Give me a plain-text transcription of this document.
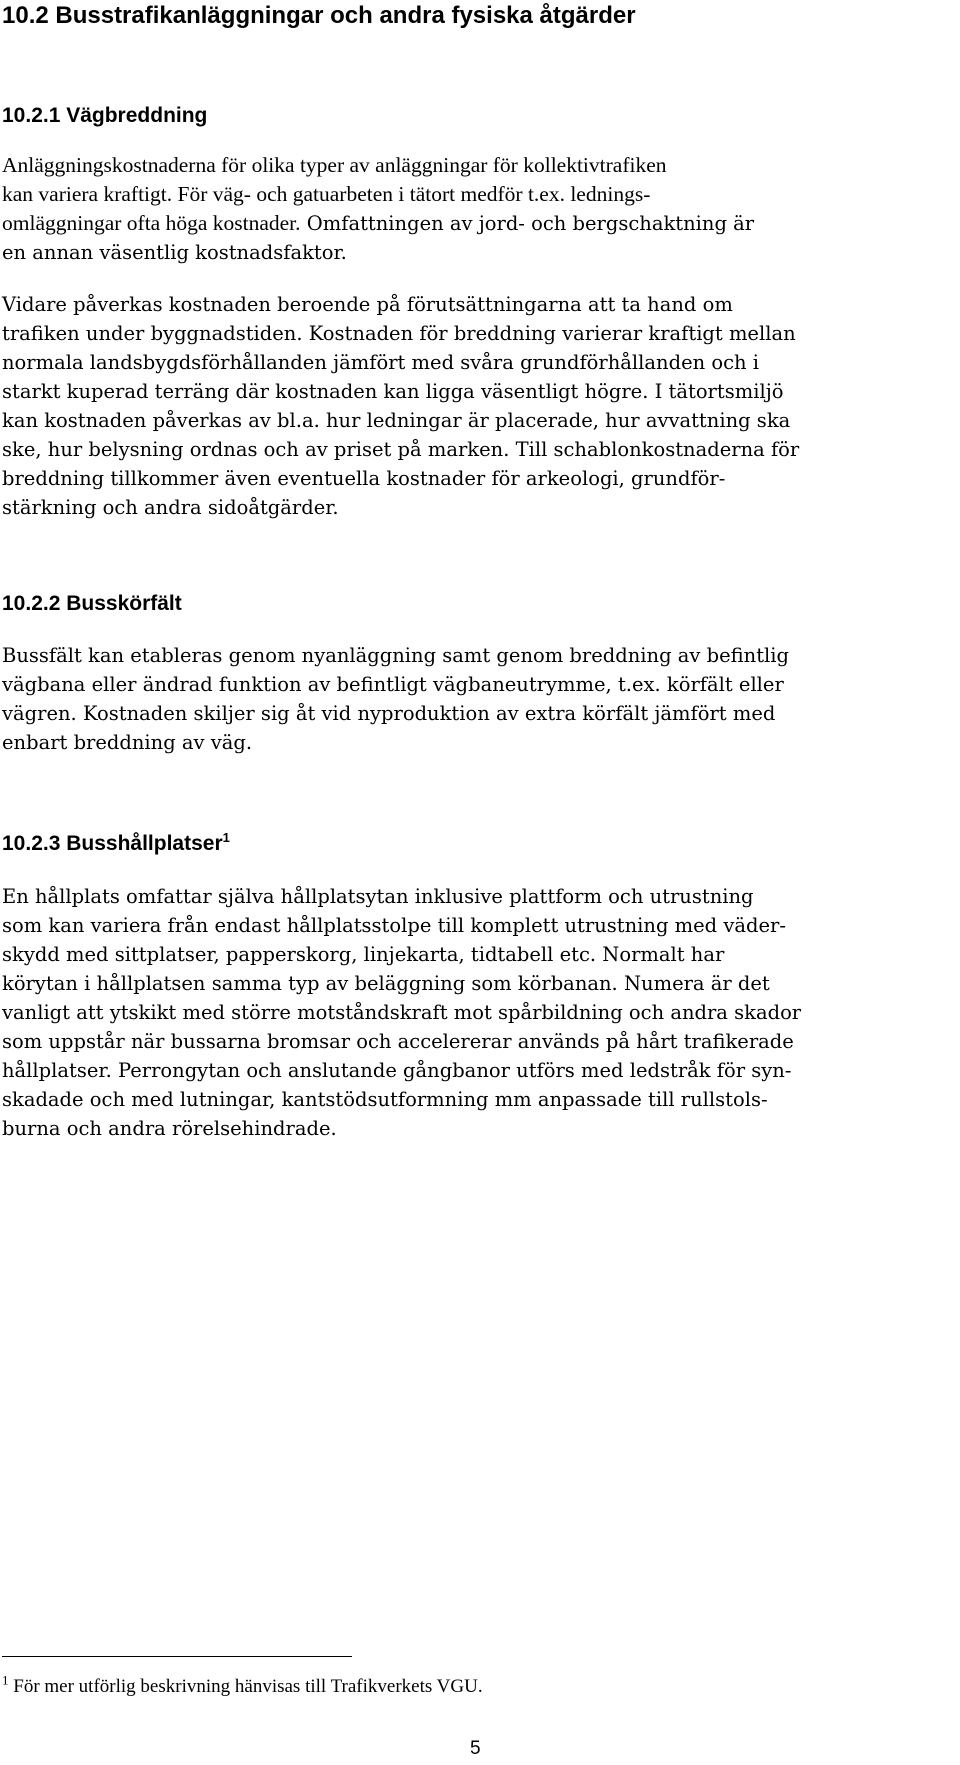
10.2 Busstrafikanläggningar och andra fysiska åtgärder
10.2.1 Vägbreddning
Anläggningskostnaderna för olika typer av anläggningar för kollektivtrafiken
kan variera kraftigt. För väg- och gatuarbeten i tätort medför t.ex. lednings-
omläggningar ofta höga kostnader. Omfattningen av jord- och bergschaktning är
en annan väsentlig kostnadsfaktor.
Vidare påverkas kostnaden beroende på förutsättningarna att ta hand om
trafiken under byggnadstiden. Kostnaden för breddning varierar kraftigt mellan
normala landsbygdsförhållanden jämfört med svåra grundförhållanden och i
starkt kuperad terräng där kostnaden kan ligga väsentligt högre. I tätortsmiljö
kan kostnaden påverkas av bl.a. hur ledningar är placerade, hur avvattning ska
ske, hur belysning ordnas och av priset på marken. Till schablonkostnaderna för
breddning tillkommer även eventuella kostnader för arkeologi, grundför-
stärkning och andra sidoåtgärder.
10.2.2 Busskörfält
Bussfält kan etableras genom nyanläggning samt genom breddning av befintlig
vägbana eller ändrad funktion av befintligt vägbaneutrymme, t.ex. körfält eller
vägren. Kostnaden skiljer sig åt vid nyproduktion av extra körfält jämfört med
enbart breddning av väg.
10.2.3 Busshållplatser$^1$
En hållplats omfattar själva hållplatsytan inklusive plattform och utrustning
som kan variera från endast hållplatsstolpe till komplett utrustning med väder-
skydd med sittplatser, papperskorg, linjekarta, tidtabell etc. Normalt har
körytan i hållplatsen samma typ av beläggning som körbanan. Numera är det
vanligt att ytskikt med större motståndskraft mot spårbildning och andra skador
som uppstår när bussarna bromsar och accelererar används på hårt trafikerade
hållplatser. Perrongytan och anslutande gångbanor utförs med ledstråk för syn-
skadade och med lutningar, kantstödsutformning mm anpassade till rullstols-
burna och andra rörelsehindrade.

$^1$ För mer utförlig beskrivning hänvisas till Trafikverkets VGU.

5
